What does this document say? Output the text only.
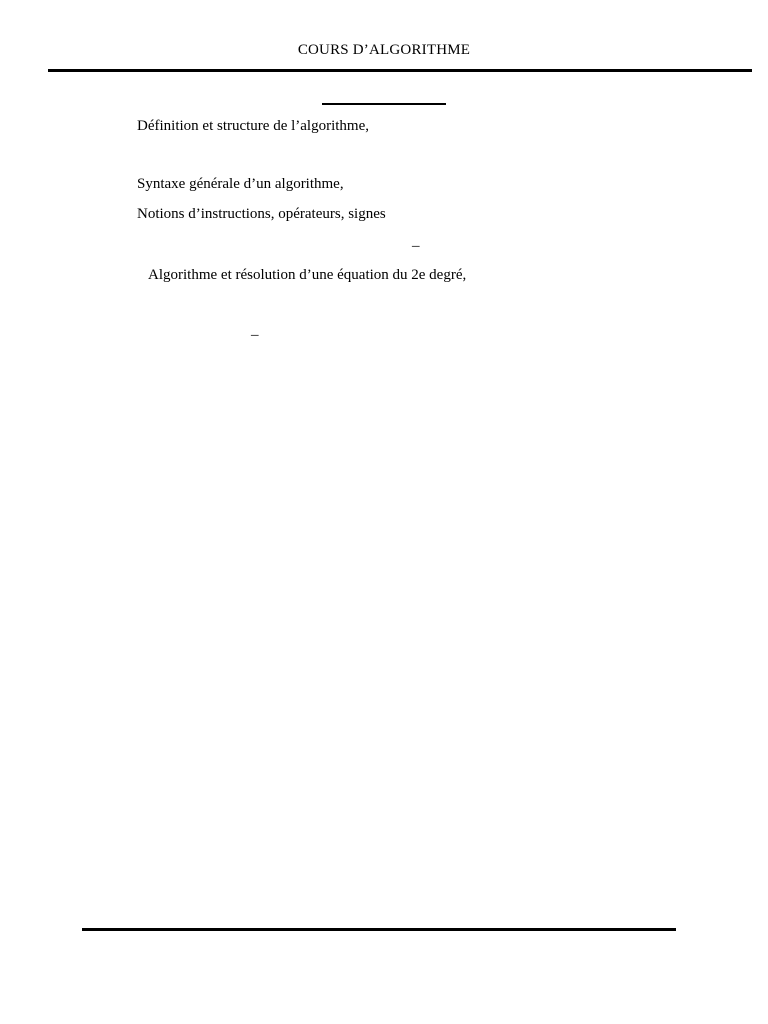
COURS D’ALGORITHME
Définition et structure de l’algorithme,
Syntaxe générale d’un algorithme,
Notions d’instructions, opérateurs, signes
_
Algorithme et résolution d’une équation du 2e degré,
_
